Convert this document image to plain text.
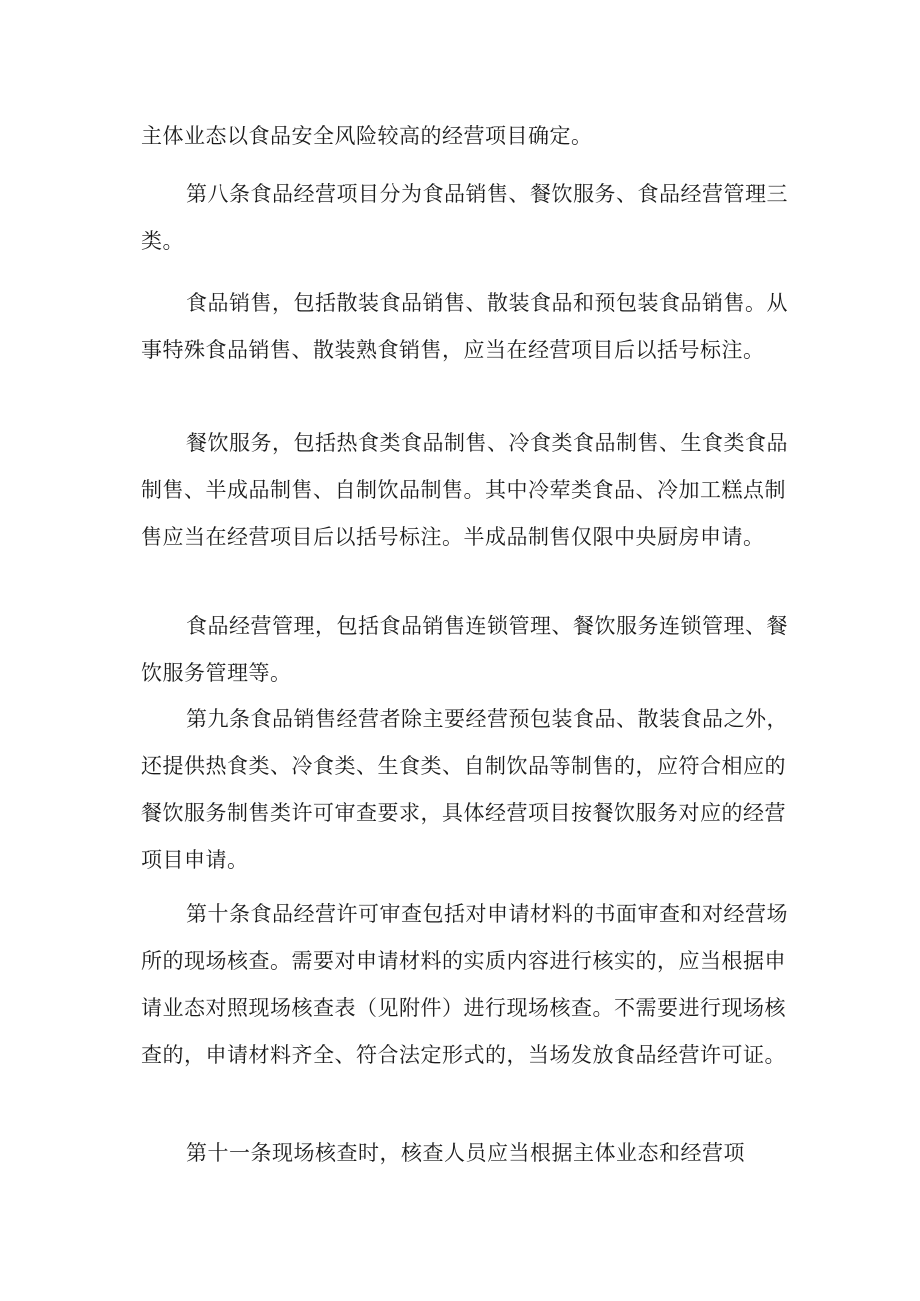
主体业态以食品安全风险较高的经营项目确定。

第八条食品经营项目分为食品销售、餐饮服务、食品经营管理三类。

食品销售，包括散装食品销售、散装食品和预包装食品销售。从事特殊食品销售、散装熟食销售，应当在经营项目后以括号标注。

餐饮服务，包括热食类食品制售、冷食类食品制售、生食类食品制售、半成品制售、自制饮品制售。其中冷荤类食品、冷加工糕点制售应当在经营项目后以括号标注。半成品制售仅限中央厨房申请。

食品经营管理，包括食品销售连锁管理、餐饮服务连锁管理、餐饮服务管理等。

第九条食品销售经营者除主要经营预包装食品、散装食品之外，还提供热食类、冷食类、生食类、自制饮品等制售的，应符合相应的餐饮服务制售类许可审查要求，具体经营项目按餐饮服务对应的经营项目申请。

第十条食品经营许可审查包括对申请材料的书面审查和对经营场所的现场核查。需要对申请材料的实质内容进行核实的，应当根据申请业态对照现场核查表（见附件）进行现场核查。不需要进行现场核查的，申请材料齐全、符合法定形式的，当场发放食品经营许可证。

第十一条现场核查时，核查人员应当根据主体业态和经营项
